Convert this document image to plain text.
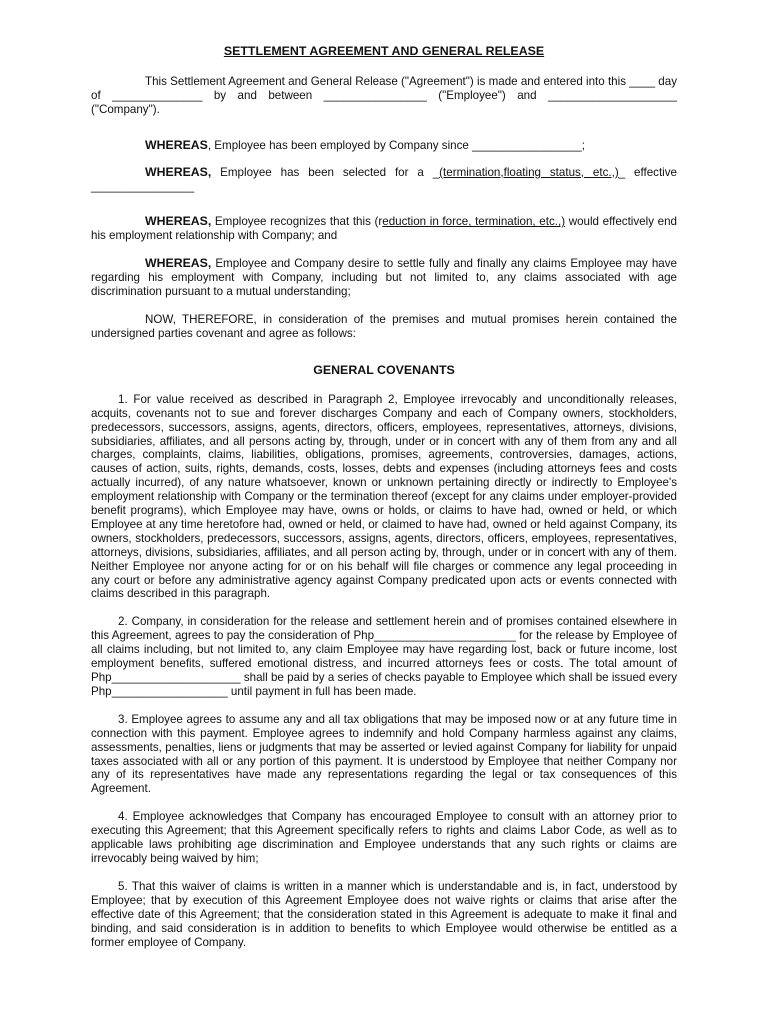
SETTLEMENT AGREEMENT AND GENERAL RELEASE

This Settlement Agreement and General Release ("Agreement") is made and entered into this ____ day of ______________ by and between ________________ ("Employee") and ____________________ ("Company").

WHEREAS, Employee has been employed by Company since _________________;

WHEREAS, Employee has been selected for a _(termination,floating status, etc.,)_ effective ________________

WHEREAS, Employee recognizes that this (reduction in force, termination, etc.,) would effectively end his employment relationship with Company; and

WHEREAS, Employee and Company desire to settle fully and finally any claims Employee may have regarding his employment with Company, including but not limited to, any claims associated with age discrimination pursuant to a mutual understanding;

NOW, THEREFORE, in consideration of the premises and mutual promises herein contained the undersigned parties covenant and agree as follows:

GENERAL COVENANTS

1. For value received as described in Paragraph 2, Employee irrevocably and unconditionally releases, acquits, covenants not to sue and forever discharges Company and each of Company owners, stockholders, predecessors, successors, assigns, agents, directors, officers, employees, representatives, attorneys, divisions, subsidiaries, affiliates, and all persons acting by, through, under or in concert with any of them from any and all charges, complaints, claims, liabilities, obligations, promises, agreements, controversies, damages, actions, causes of action, suits, rights, demands, costs, losses, debts and expenses (including attorneys fees and costs actually incurred), of any nature whatsoever, known or unknown pertaining directly or indirectly to Employee's employment relationship with Company or the termination thereof (except for any claims under employer-provided benefit programs), which Employee may have, owns or holds, or claims to have had, owned or held, or which Employee at any time heretofore had, owned or held, or claimed to have had, owned or held against Company, its owners, stockholders, predecessors, successors, assigns, agents, directors, officers, employees, representatives, attorneys, divisions, subsidiaries, affiliates, and all person acting by, through, under or in concert with any of them. Neither Employee nor anyone acting for or on his behalf will file charges or commence any legal proceeding in any court or before any administrative agency against Company predicated upon acts or events connected with claims described in this paragraph.

2. Company, in consideration for the release and settlement herein and of promises contained elsewhere in this Agreement, agrees to pay the consideration of Php______________________ for the release by Employee of all claims including, but not limited to, any claim Employee may have regarding lost, back or future income, lost employment benefits, suffered emotional distress, and incurred attorneys fees or costs. The total amount of Php____________________ shall be paid by a series of checks payable to Employee which shall be issued every Php__________________ until payment in full has been made.

3. Employee agrees to assume any and all tax obligations that may be imposed now or at any future time in connection with this payment. Employee agrees to indemnify and hold Company harmless against any claims, assessments, penalties, liens or judgments that may be asserted or levied against Company for liability for unpaid taxes associated with all or any portion of this payment. It is understood by Employee that neither Company nor any of its representatives have made any representations regarding the legal or tax consequences of this Agreement.

4. Employee acknowledges that Company has encouraged Employee to consult with an attorney prior to executing this Agreement; that this Agreement specifically refers to rights and claims Labor Code, as well as to applicable laws prohibiting age discrimination and Employee understands that any such rights or claims are irrevocably being waived by him;

5. That this waiver of claims is written in a manner which is understandable and is, in fact, understood by Employee; that by execution of this Agreement Employee does not waive rights or claims that arise after the effective date of this Agreement; that the consideration stated in this Agreement is adequate to make it final and binding, and said consideration is in addition to benefits to which Employee would otherwise be entitled as a former employee of Company.
